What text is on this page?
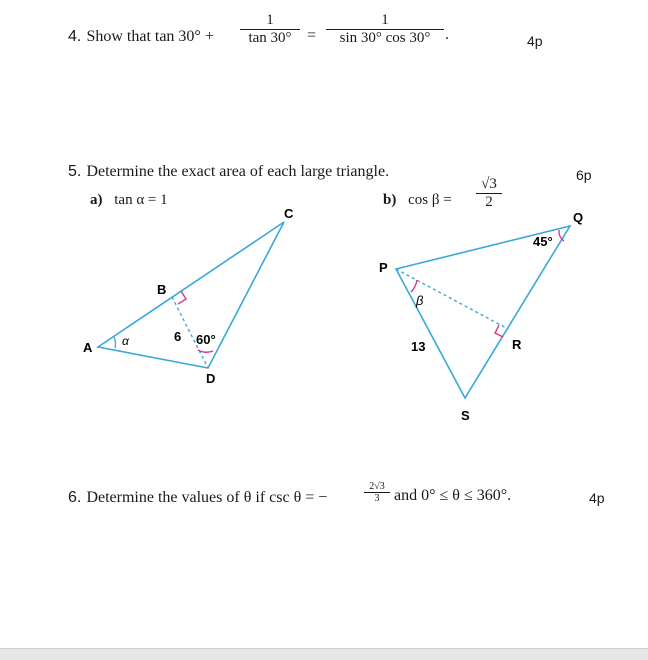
4. Show that tan 30° +
1
tan 30° =
1
sin 30° cos 30° .	4p
5. Determine the exact area of each large triangle.	6p
a) tan α = 1	b) cos β =
√3
2
A
B
C
D
α	6 60°
P
Q
R
S
β
13
45°
6. Determine the values of θ if csc θ = −
2√3
3 and 0° ≤ θ ≤ 360°.	4p
